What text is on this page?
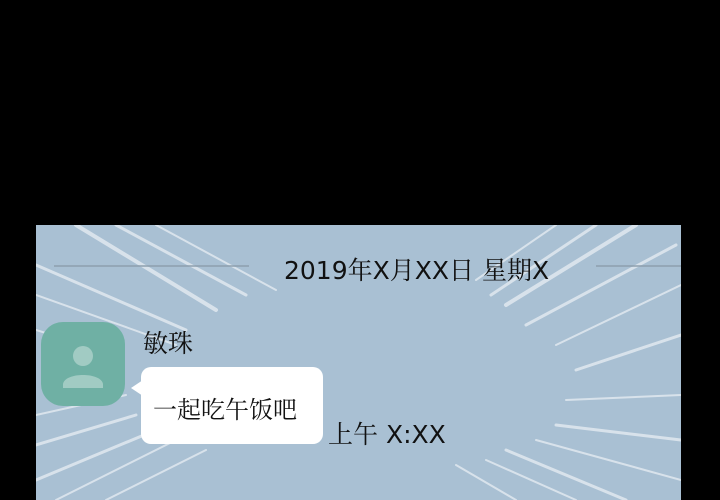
2019年X月XX日 星期X
敏珠
一起吃午饭吧
上午 X:XX
